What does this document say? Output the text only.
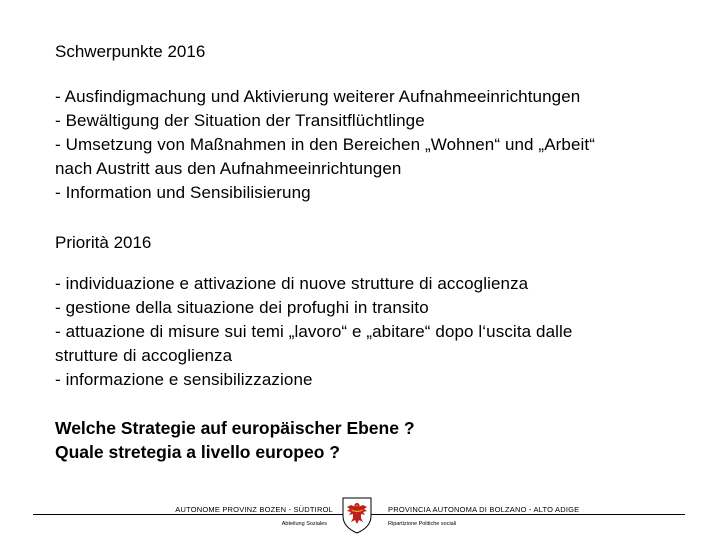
Schwerpunkte 2016

- Ausfindigmachung und Aktivierung weiterer Aufnahmeeinrichtungen
- Bewältigung der Situation der Transitflüchtlinge
- Umsetzung von Maßnahmen in den Bereichen „Wohnen“ und „Arbeit“
nach Austritt aus den Aufnahmeeinrichtungen
- Information und Sensibilisierung

Priorità 2016

- individuazione e attivazione di nuove strutture di accoglienza
- gestione della situazione dei profughi in transito
- attuazione di misure sui temi „lavoro“ e „abitare“ dopo l‘uscita dalle
strutture di accoglienza
- informazione e sensibilizzazione

Welche Strategie auf europäischer Ebene ?
Quale stretegia a livello europeo ?
AUTONOME PROVINZ BOZEN - SÜDTIROL	PROVINCIA AUTONOMA DI BOLZANO - ALTO ADIGE
Abteilung Soziales	Ripartizione Politiche sociali
